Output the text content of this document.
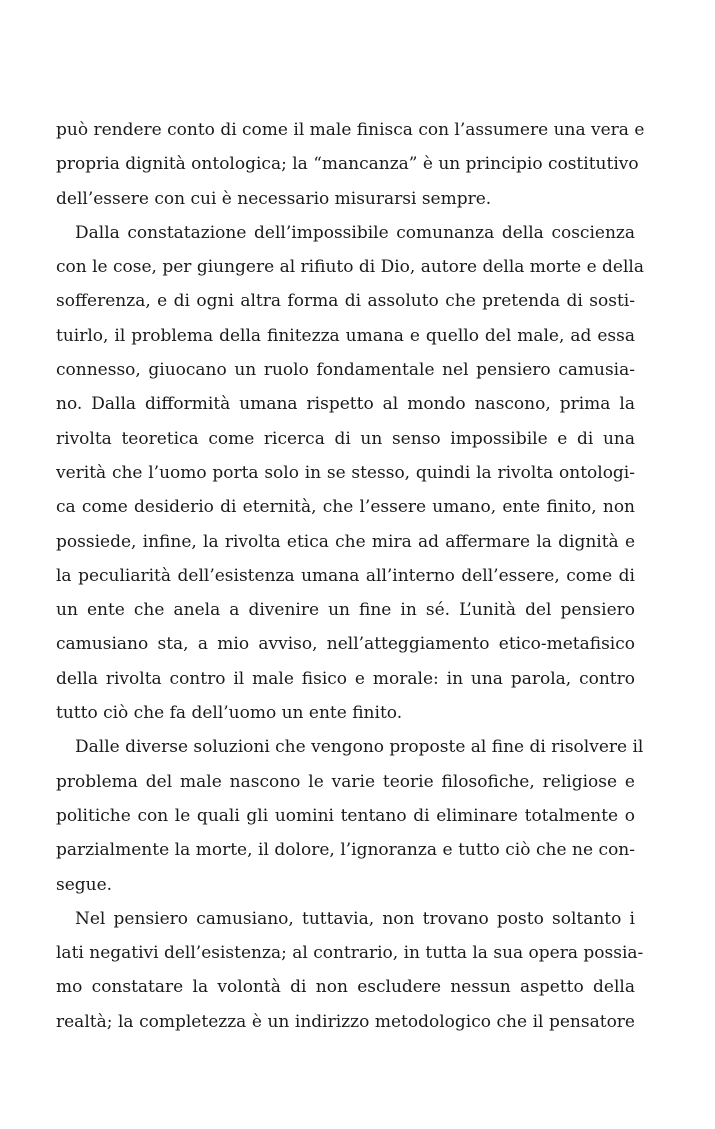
può rendere conto di come il male finisca con l’assumere una vera e
propria dignità ontologica; la “mancanza” è un principio costitutivo
dell’essere con cui è necessario misurarsi sempre.
Dalla constatazione dell’impossibile comunanza della coscienza
con le cose, per giungere al rifiuto di Dio, autore della morte e della
sofferenza, e di ogni altra forma di assoluto che pretenda di sosti-
tuirlo, il problema della finitezza umana e quello del male, ad essa
connesso, giuocano un ruolo fondamentale nel pensiero camusia-
no. Dalla difformità umana rispetto al mondo nascono, prima la
rivolta teoretica come ricerca di un senso impossibile e di una
verità che l’uomo porta solo in se stesso, quindi la rivolta ontologi-
ca come desiderio di eternità, che l’essere umano, ente finito, non
possiede, infine, la rivolta etica che mira ad affermare la dignità e
la peculiarità dell’esistenza umana all’interno dell’essere, come di
un ente che anela a divenire un fine in sé. L’unità del pensiero
camusiano sta, a mio avviso, nell’atteggiamento etico-metafisico
della rivolta contro il male fisico e morale: in una parola, contro
tutto ciò che fa dell’uomo un ente finito.
Dalle diverse soluzioni che vengono proposte al fine di risolvere il
problema del male nascono le varie teorie filosofiche, religiose e
politiche con le quali gli uomini tentano di eliminare totalmente o
parzialmente la morte, il dolore, l’ignoranza e tutto ciò che ne con-
segue.
Nel pensiero camusiano, tuttavia, non trovano posto soltanto i
lati negativi dell’esistenza; al contrario, in tutta la sua opera possia-
mo constatare la volontà di non escludere nessun aspetto della
realtà; la completezza è un indirizzo metodologico che il pensatore
